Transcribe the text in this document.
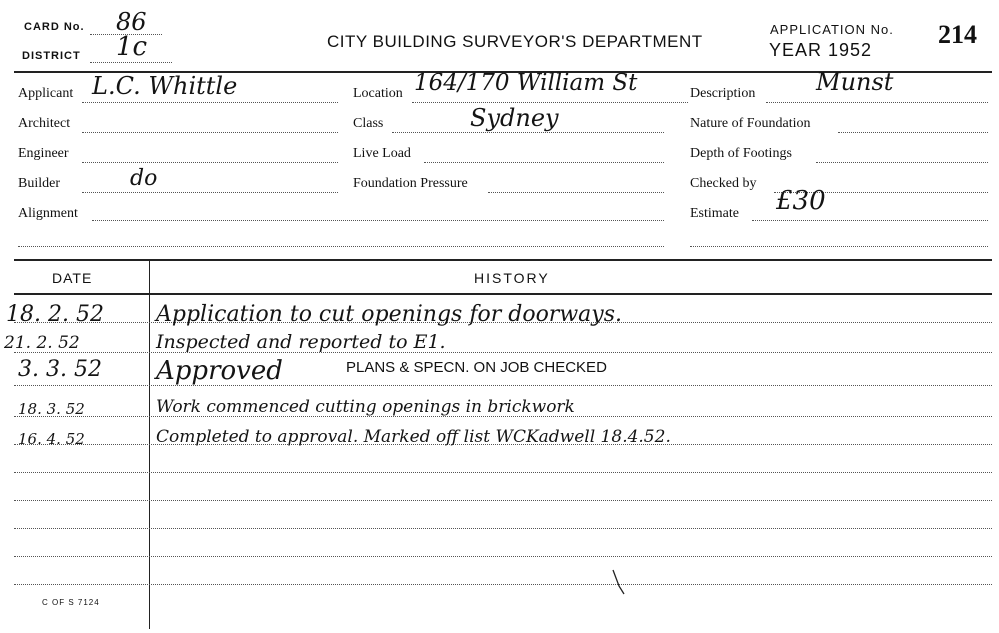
CARD No. 86
DISTRICT 1c	CITY BUILDING SURVEYOR'S DEPARTMENT
APPLICATION No.
YEAR 1952
214
Applicant L.C. Whittle
Architect
Engineer
Builder	do
Alignment
Location 164/170 William St
Class	Sydney
Live Load
Foundation Pressure
Description	Munst
Nature of Foundation
Depth of Footings
Checked by
Estimate £30
DATE	HISTORY
18. 2. 52 Application to cut openings for doorways.
21. 2. 52	Inspected and reported to E1.
3. 3. 52 Approved	PLANS & SPECN. ON JOB CHECKED
18. 3. 52	Work commenced cutting openings in brickwork
16. 4. 52	Completed to approval. Marked off list WCKadwell 18.4.52.
C OF S 7124
